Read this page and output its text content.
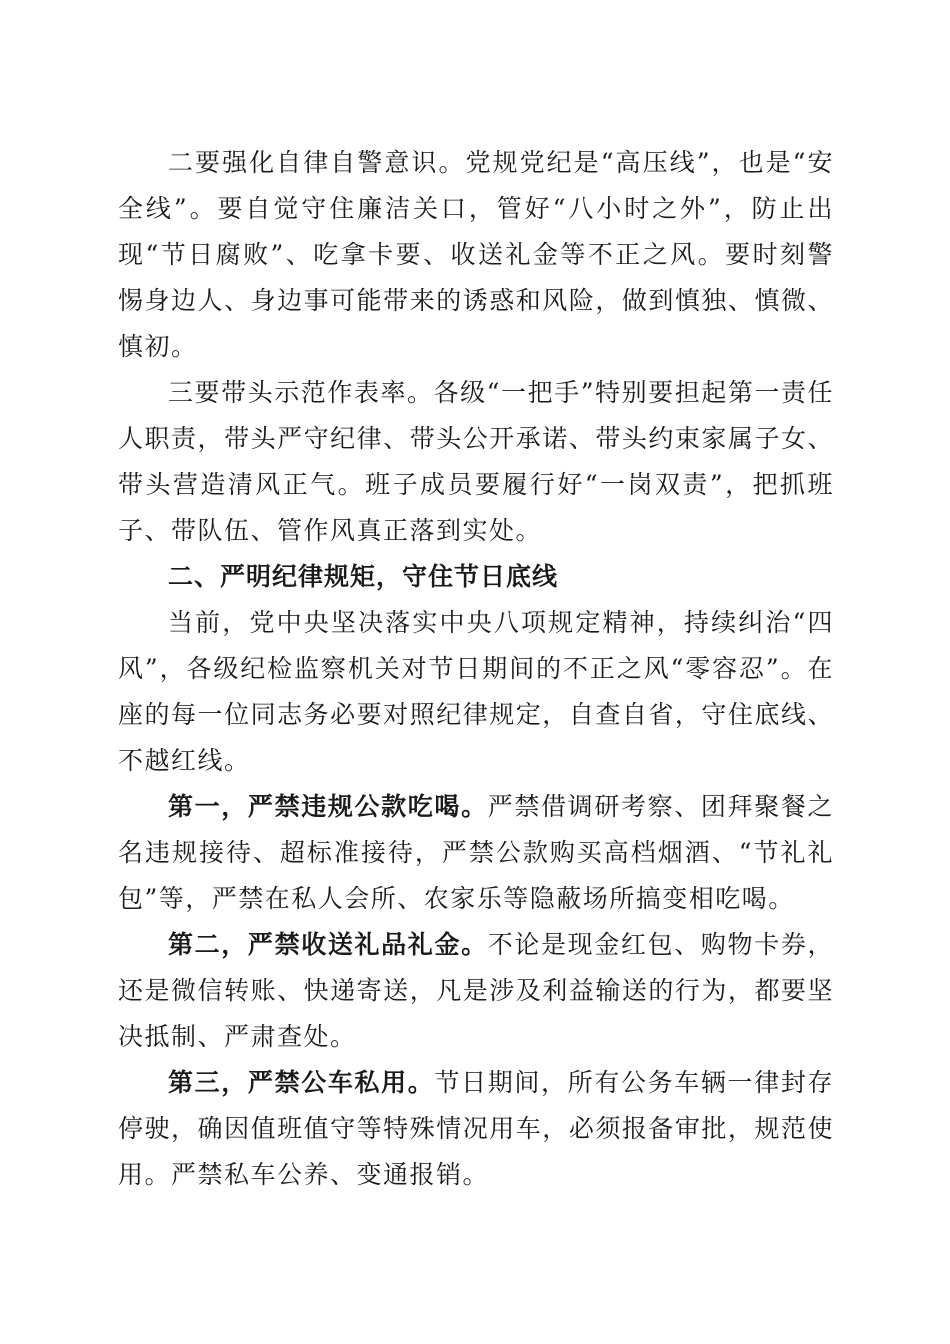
二要强化自律自警意识。党规党纪是“高压线”，也是“安全线”。要自觉守住廉洁关口，管好“八小时之外”，防止出现“节日腐败”、吃拿卡要、收送礼金等不正之风。要时刻警惕身边人、身边事可能带来的诱惑和风险，做到慎独、慎微、慎初。

三要带头示范作表率。各级“一把手”特别要担起第一责任人职责，带头严守纪律、带头公开承诺、带头约束家属子女、带头营造清风正气。班子成员要履行好“一岗双责”，把抓班子、带队伍、管作风真正落到实处。

二、严明纪律规矩，守住节日底线

当前，党中央坚决落实中央八项规定精神，持续纠治“四风”，各级纪检监察机关对节日期间的不正之风“零容忍”。在座的每一位同志务必要对照纪律规定，自查自省，守住底线、不越红线。

第一，严禁违规公款吃喝。严禁借调研考察、团拜聚餐之名违规接待、超标准接待，严禁公款购买高档烟酒、“节礼礼包”等，严禁在私人会所、农家乐等隐蔽场所搞变相吃喝。

第二，严禁收送礼品礼金。不论是现金红包、购物卡券，还是微信转账、快递寄送，凡是涉及利益输送的行为，都要坚决抵制、严肃查处。

第三，严禁公车私用。节日期间，所有公务车辆一律封存停驶，确因值班值守等特殊情况用车，必须报备审批，规范使用。严禁私车公养、变通报销。
